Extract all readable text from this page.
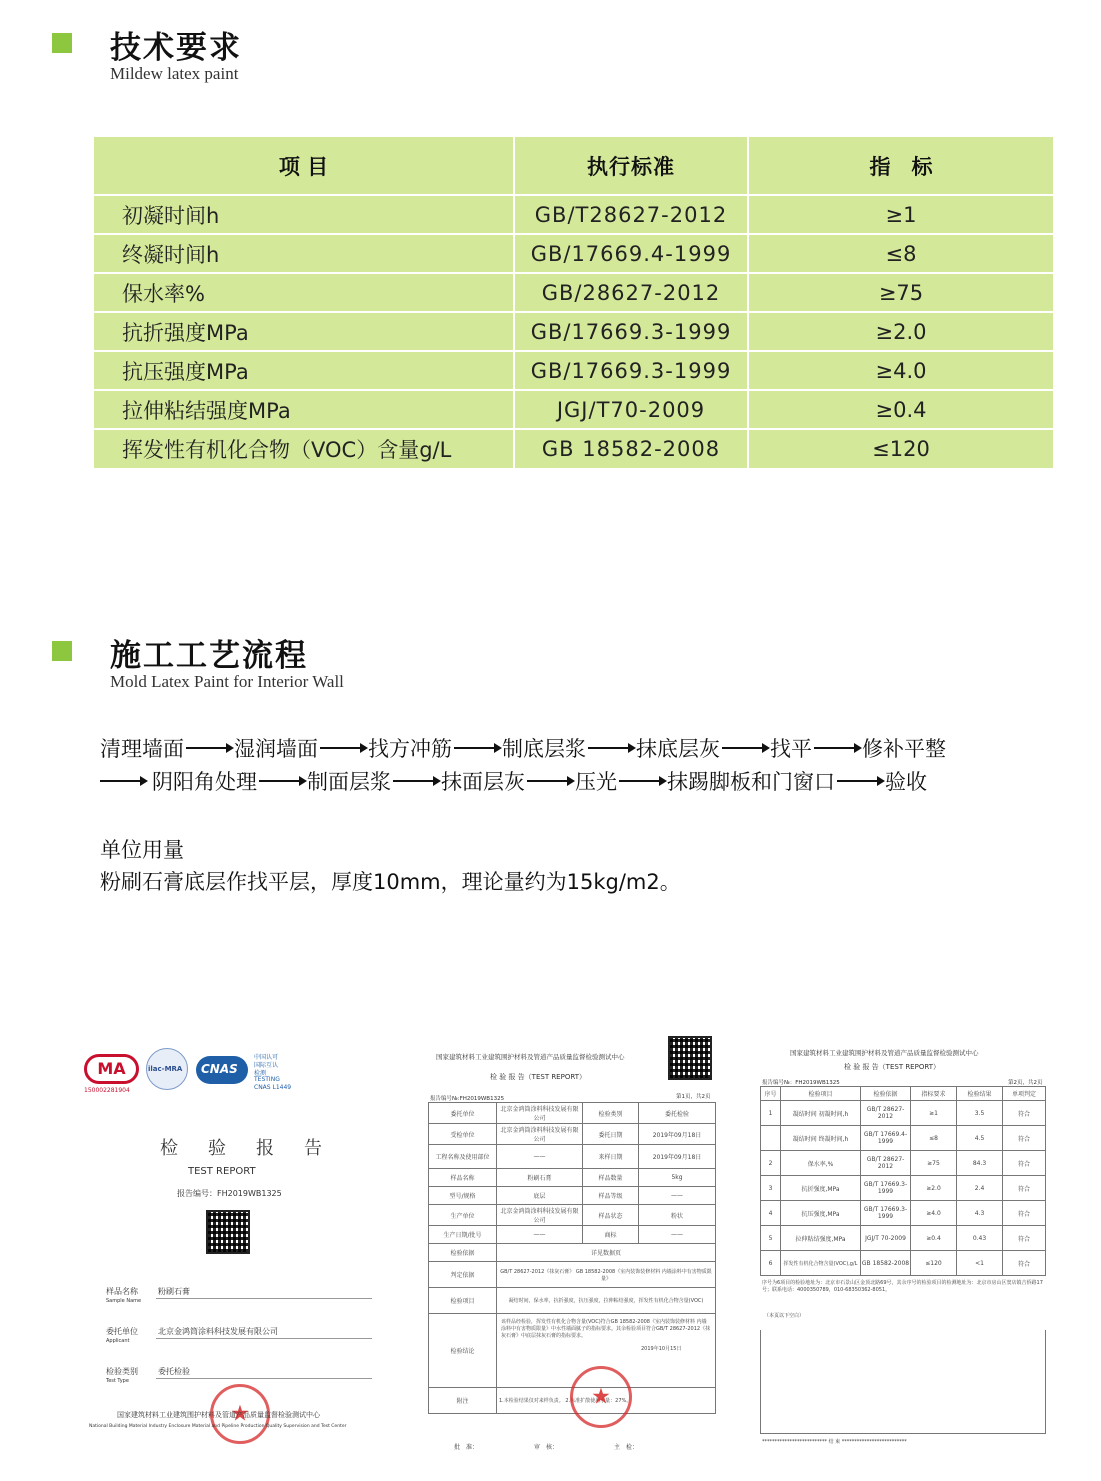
技术要求
Mildew latex paint
项 目	执行标准	指　标
初凝时间h	GB/T28627-2012	≥1
终凝时间h	GB/17669.4-1999	≤8
保水率%	GB/28627-2012	≥75
抗折强度MPa	GB/17669.3-1999	≥2.0
抗压强度MPa	GB/17669.3-1999	≥4.0
拉伸粘结强度MPa	JGJ/T70-2009	≥0.4
挥发性有机化合物（VOC）含量g/L	GB 18582-2008	≤120
施工工艺流程
Mold Latex Paint for Interior Wall
清理墙面 湿润墙面 找方冲筋 制底层浆 抹底层灰 找平 修补平整
阴阳角处理 制面层浆 抹面层灰 压光 抹踢脚板和门窗口 验收
单位用量
粉刷石膏底层作找平层，厚度10mm，理论量约为15kg/m2。
MA
150002281904
ilac-MRA CNAS
中国认可
国际互认
检测
TESTING
CNAS L1449
检　验　报　告
TEST REPORT
报告编号：FH2019WB1325
样品名称
Sample Name
粉刷石膏
委托单位
Applicant
北京金鸿筒涂料科技发展有限公司
检验类别
Test Type
委托检验
★
国家建筑材料工业建筑围护材料及管道产品质量监督检验测试中心
National Building Material Industry Enclosure Material and Pipeline Production Quality Supervision and Test Center
国家建筑材料工业建筑围护材料及管道产品质量监督检验测试中心
检 验 报 告（TEST REPORT）
报告编号№:FH2019WB1325	第1页，共2页
委托单位	北京金鸿筒涂料科技发展有限公司	检验类别	委托检验
受检单位	北京金鸿筒涂料科技发展有限公司	委托日期	2019年09月18日
工程名称及使用部位	——	来样日期	2019年09月18日
样品名称	粉刷石膏	样品数量	5kg
型号/规格	底层	样品等级	——
生产单位	北京金鸿筒涂料科技发展有限公司	样品状态	粉状
生产日期/批号	——	商标	——
检验依据	详见数据页		
判定依据	GB/T 28627-2012《抹灰石膏》 GB 18582-2008《室内装饰装修材料 内墙涂料中有害物质限量》		
检验项目	凝结时间，保水率，抗折强度，抗压强度，拉伸粘结强度，挥发性有机化合物含量(VOC)		
检验结论	该样品经检验，挥发性有机化合物含量(VOC)符合GB 18582-2008《室内装饰装修材料 内墙涂料中有害物质限量》中水性墙面腻子的指标要求。其余检验项目符合GB/T 28627-2012《抹灰石膏》中底层抹灰石膏的指标要求。

2019年10月15日		
附注	1.本检验结果仅对来样负责。 2.标准扩散使用水量：27%。		
★
批　准：	审　核：	主　检：
国家建筑材料工业建筑围护材料及管道产品质量监督检验测试中心
检 验 报 告（TEST REPORT）
报告编号№：FH2019WB1325	第2页，共2页
序号	检验项目	检验依据	指标要求	检验结果	单项判定
1	凝结时间 初凝时间,h	GB/T 28627-2012	≥1	3.5	符合
	凝结时间 终凝时间,h	GB/T 17669.4-1999	≤8	4.5	符合
2	保水率,%	GB/T 28627-2012	≥75	84.3	符合
3	抗折强度,MPa	GB/T 17669.3-1999	≥2.0	2.4	符合
4	抗压强度,MPa	GB/T 17669.3-1999	≥4.0	4.3	符合
5	拉伸粘结强度,MPa	JGJ/T 70-2009	≥0.4	0.43	符合
6	挥发性有机化合物含量(VOC),g/L	GB 18582-2008	≤120	<1	符合
序号为6项目的检验地址为：北京市石景山区金顶北路69号，其余序号的检验项目的检测地址为：北京市房山区窦店镇吉侨路17号；联系电话：4000350789，010-68350362-8051。
（本页以下空白）
************************** 结 束 **************************
